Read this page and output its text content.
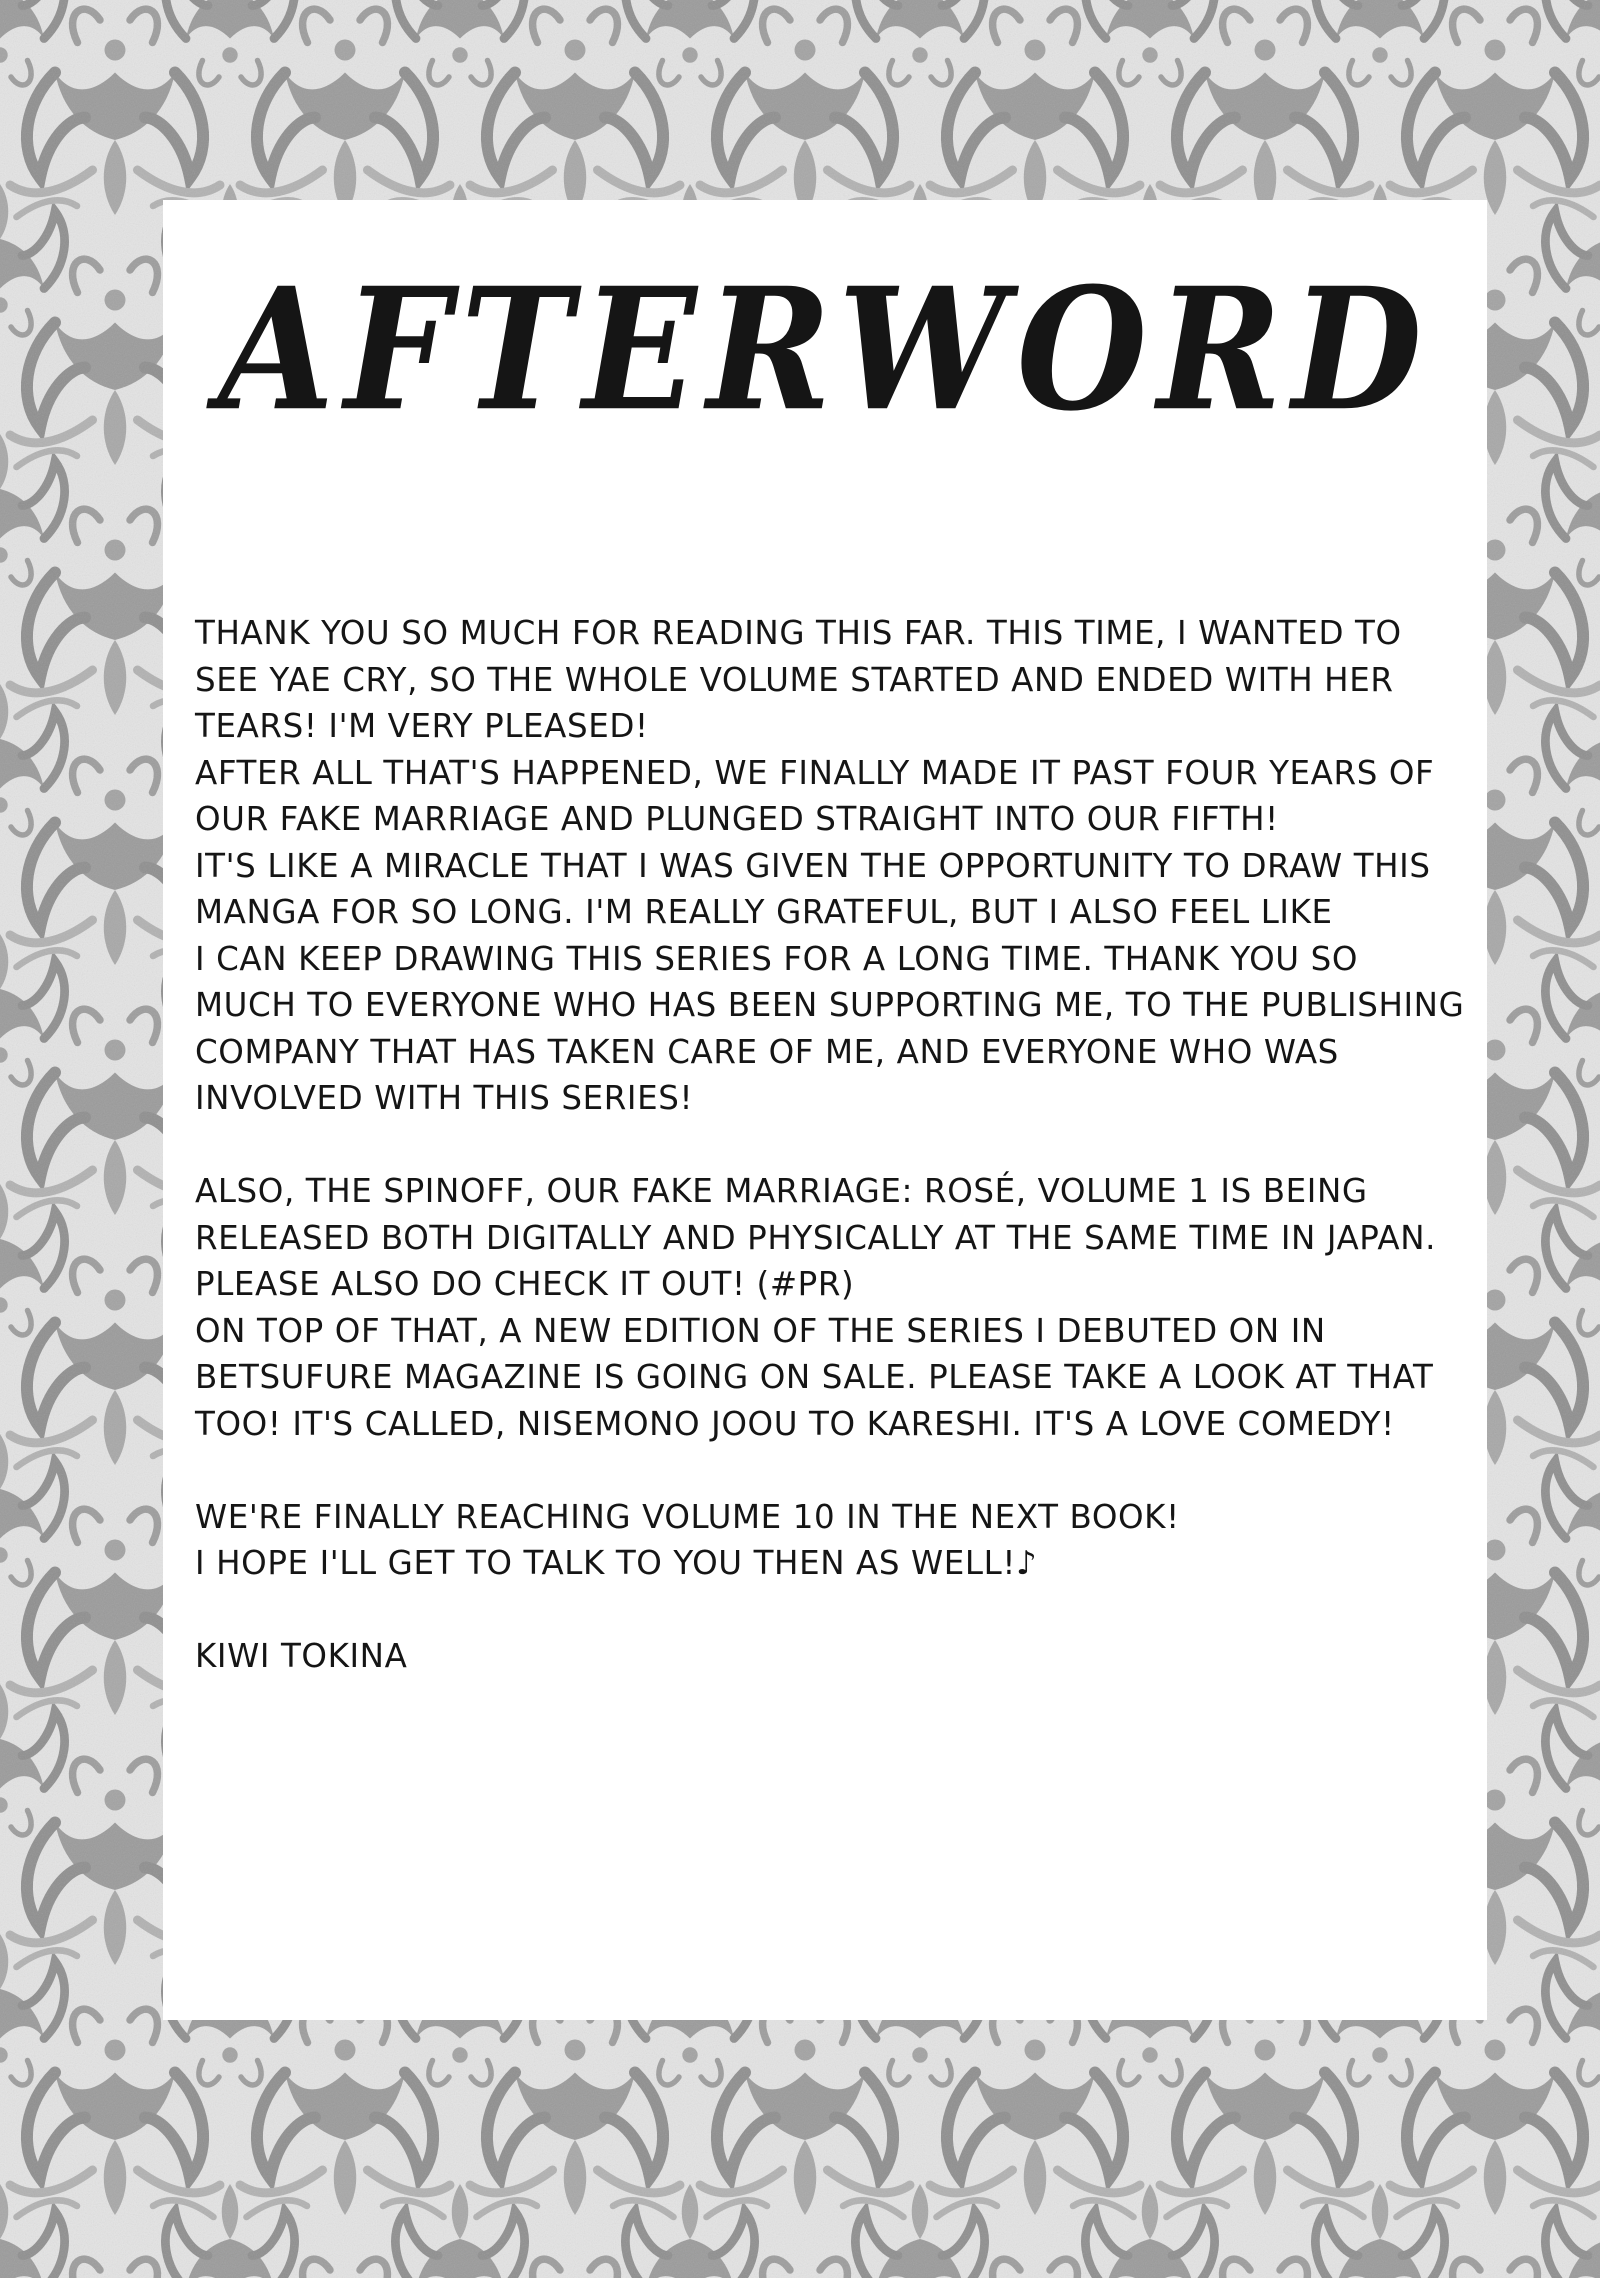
AFTERWORD
THANK YOU SO MUCH FOR READING THIS FAR. THIS TIME, I WANTED TO
SEE YAE CRY, SO THE WHOLE VOLUME STARTED AND ENDED WITH HER
TEARS! I'M VERY PLEASED!
AFTER ALL THAT'S HAPPENED, WE FINALLY MADE IT PAST FOUR YEARS OF
OUR FAKE MARRIAGE AND PLUNGED STRAIGHT INTO OUR FIFTH!
IT'S LIKE A MIRACLE THAT I WAS GIVEN THE OPPORTUNITY TO DRAW THIS
MANGA FOR SO LONG. I'M REALLY GRATEFUL, BUT I ALSO FEEL LIKE
I CAN KEEP DRAWING THIS SERIES FOR A LONG TIME. THANK YOU SO
MUCH TO EVERYONE WHO HAS BEEN SUPPORTING ME, TO THE PUBLISHING
COMPANY THAT HAS TAKEN CARE OF ME, AND EVERYONE WHO WAS
INVOLVED WITH THIS SERIES!
ALSO, THE SPINOFF, OUR FAKE MARRIAGE: ROSÉ, VOLUME 1 IS BEING
RELEASED BOTH DIGITALLY AND PHYSICALLY AT THE SAME TIME IN JAPAN.
PLEASE ALSO DO CHECK IT OUT! (#PR)
ON TOP OF THAT, A NEW EDITION OF THE SERIES I DEBUTED ON IN
BETSUFURE MAGAZINE IS GOING ON SALE. PLEASE TAKE A LOOK AT THAT
TOO! IT'S CALLED, NISEMONO JOOU TO KARESHI. IT'S A LOVE COMEDY!
WE'RE FINALLY REACHING VOLUME 10 IN THE NEXT BOOK!
I HOPE I'LL GET TO TALK TO YOU THEN AS WELL!♪
KIWI TOKINA
